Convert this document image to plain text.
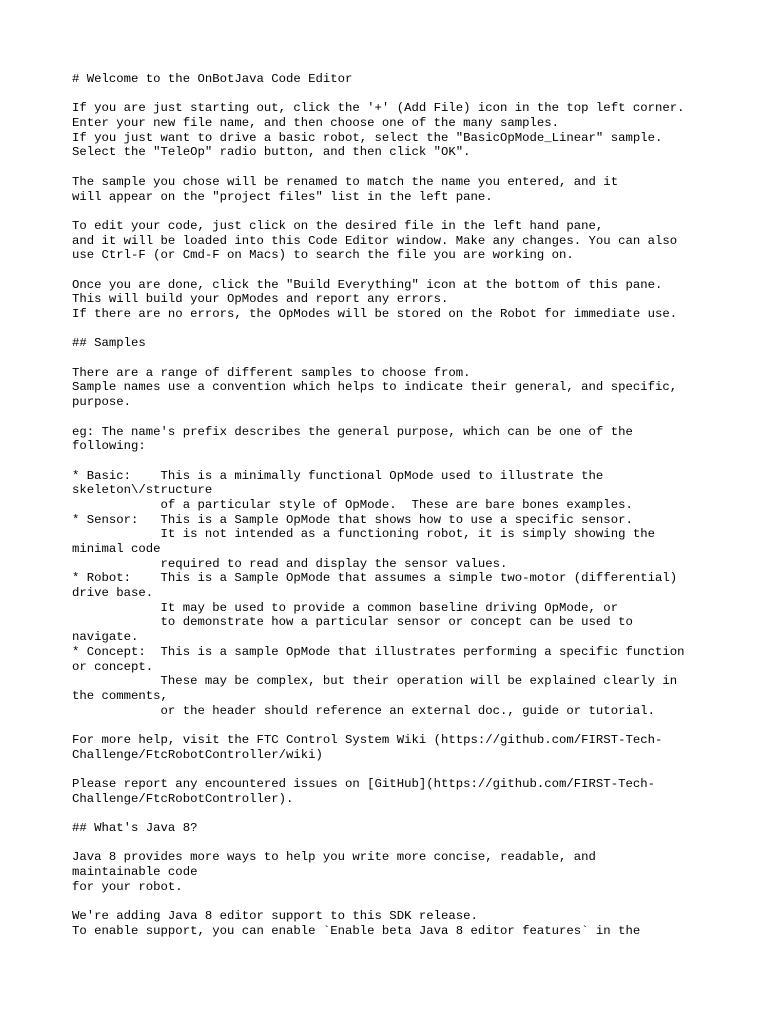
# Welcome to the OnBotJava Code Editor
If you are just starting out, click the '+' (Add File) icon in the top left corner.
Enter your new file name, and then choose one of the many samples.
If you just want to drive a basic robot, select the "BasicOpMode_Linear" sample.
Select the "TeleOp" radio button, and then click "OK".
The sample you chose will be renamed to match the name you entered, and it
will appear on the "project files" list in the left pane.
To edit your code, just click on the desired file in the left hand pane,
and it will be loaded into this Code Editor window. Make any changes. You can also
use Ctrl-F (or Cmd-F on Macs) to search the file you are working on.
Once you are done, click the "Build Everything" icon at the bottom of this pane.
This will build your OpModes and report any errors.
If there are no errors, the OpModes will be stored on the Robot for immediate use.
## Samples
There are a range of different samples to choose from.
Sample names use a convention which helps to indicate their general, and specific,
purpose.
eg: The name's prefix describes the general purpose, which can be one of the
following:
* Basic:    This is a minimally functional OpMode used to illustrate the
skeleton\/structure
of a particular style of OpMode.  These are bare bones examples.
* Sensor:   This is a Sample OpMode that shows how to use a specific sensor.
It is not intended as a functioning robot, it is simply showing the
minimal code
required to read and display the sensor values.
* Robot:    This is a Sample OpMode that assumes a simple two-motor (differential)
drive base.
It may be used to provide a common baseline driving OpMode, or
to demonstrate how a particular sensor or concept can be used to
navigate.
* Concept:  This is a sample OpMode that illustrates performing a specific function
or concept.
These may be complex, but their operation will be explained clearly in
the comments,
or the header should reference an external doc., guide or tutorial.
For more help, visit the FTC Control System Wiki (https://github.com/FIRST-Tech-
Challenge/FtcRobotController/wiki)
Please report any encountered issues on [GitHub](https://github.com/FIRST-Tech-
Challenge/FtcRobotController).
## What's Java 8?
Java 8 provides more ways to help you write more concise, readable, and
maintainable code
for your robot.
We're adding Java 8 editor support to this SDK release.
To enable support, you can enable `Enable beta Java 8 editor features` in the
